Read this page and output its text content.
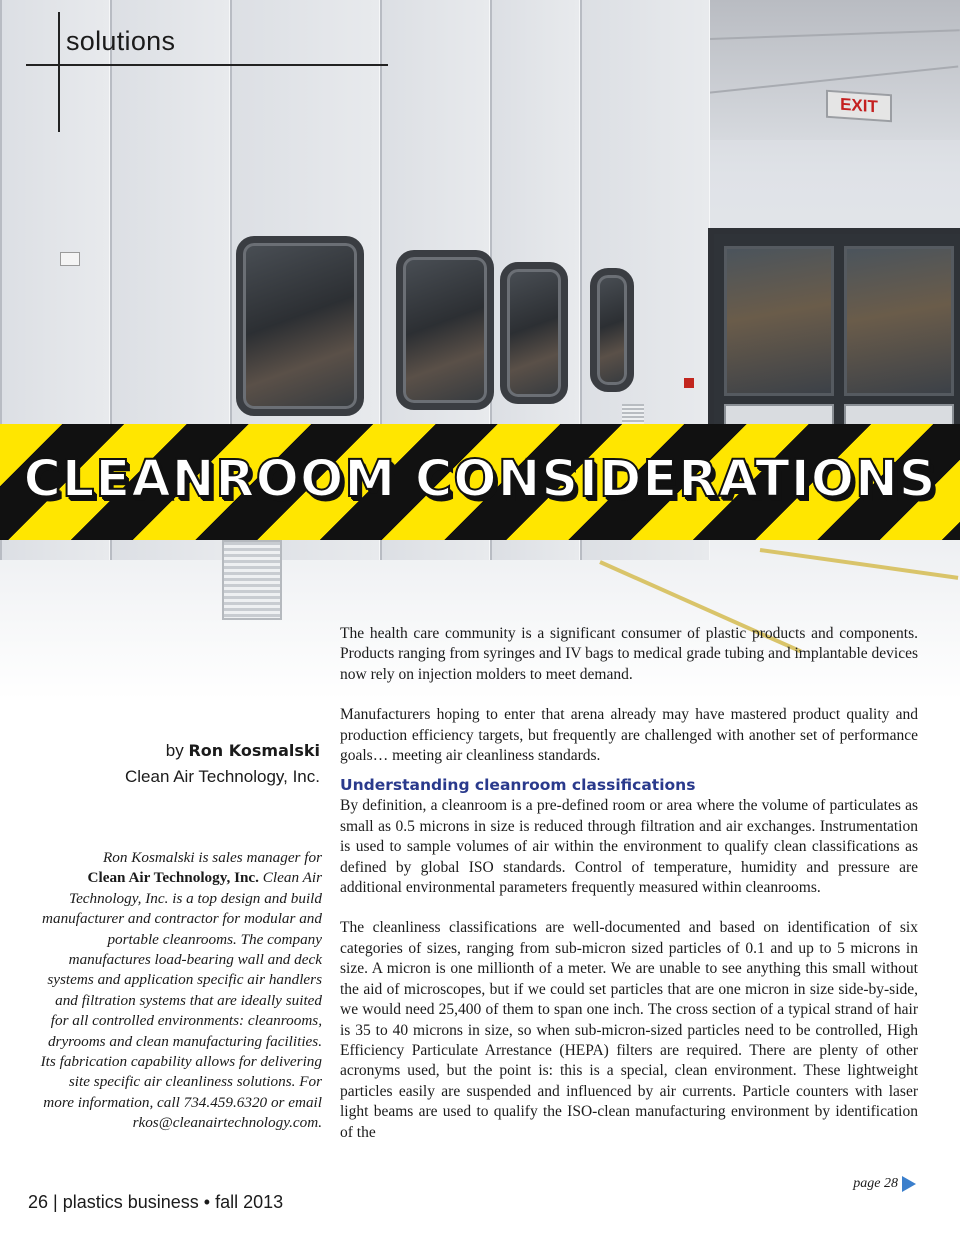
EXIT
solutions
CLEANROOM CONSIDERATIONS
by Ron Kosmalski
Clean Air Technology, Inc.
Ron Kosmalski is sales manager for
Clean Air Technology, Inc. Clean Air Technology, Inc. is a top design and build manufacturer and contractor for modular and portable cleanrooms. The company manufactures load-bearing wall and deck systems and application specific air handlers and filtration systems that are ideally suited for all controlled environments: cleanrooms, dryrooms and clean manufacturing facilities. Its fabrication capability allows for delivering site specific air cleanliness solutions. For more information, call 734.459.6320 or email rkos@cleanairtechnology.com.

The health care community is a significant consumer of plastic products and components. Products ranging from syringes and IV bags to medical grade tubing and implantable devices now rely on injection molders to meet demand.

Manufacturers hoping to enter that arena already may have mastered product quality and production efficiency targets, but frequently are challenged with another set of performance goals… meeting air cleanliness standards.

Understanding cleanroom classifications

By definition, a cleanroom is a pre-defined room or area where the volume of particulates as small as 0.5 microns in size is reduced through filtration and air exchanges. Instrumentation is used to sample volumes of air within the environment to qualify clean classifications as defined by global ISO standards. Control of temperature, humidity and pressure are additional environmental parameters frequently measured within cleanrooms.

The cleanliness classifications are well-documented and based on identification of six categories of sizes, ranging from sub-micron sized particles of 0.1 and up to 5 microns in size. A micron is one millionth of a meter. We are unable to see anything this small without the aid of microscopes, but if we could set particles that are one micron in size side-by-side, we would need 25,400 of them to span one inch. The cross section of a typical strand of hair is 35 to 40 microns in size, so when sub-micron-sized particles need to be controlled, High Efficiency Particulate Arrestance (HEPA) filters are required. There are plenty of other acronyms used, but the point is: this is a special, clean environment. These lightweight particles easily are suspended and influenced by air currents. Particle counters with laser light beams are used to qualify the ISO-clean manufacturing environment by identification of the

page 28
26 | plastics business • fall 2013
